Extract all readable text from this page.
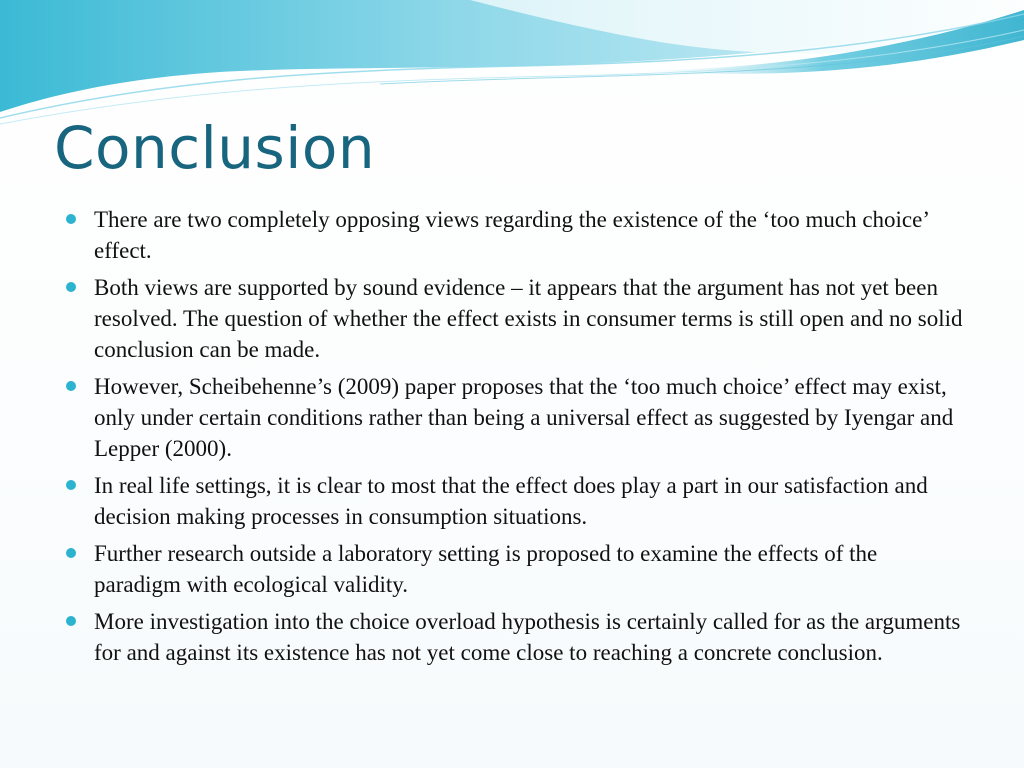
Conclusion
There are two completely opposing views regarding the existence of the ‘too much choice’ effect.
Both views are supported by sound evidence – it appears that the argument has not yet been resolved. The question of whether the effect exists in consumer terms is still open and no solid conclusion can be made.
However, Scheibehenne’s (2009) paper proposes that the ‘too much choice’ effect may exist, only under certain conditions rather than being a universal effect as suggested by Iyengar and Lepper (2000).
In real life settings, it is clear to most that the effect does play a part in our satisfaction and decision making processes in consumption situations.
Further research outside a laboratory setting is proposed to examine the effects of the paradigm with ecological validity.
More investigation into the choice overload hypothesis is certainly called for as the arguments for and against its existence has not yet come close to reaching a concrete conclusion.
